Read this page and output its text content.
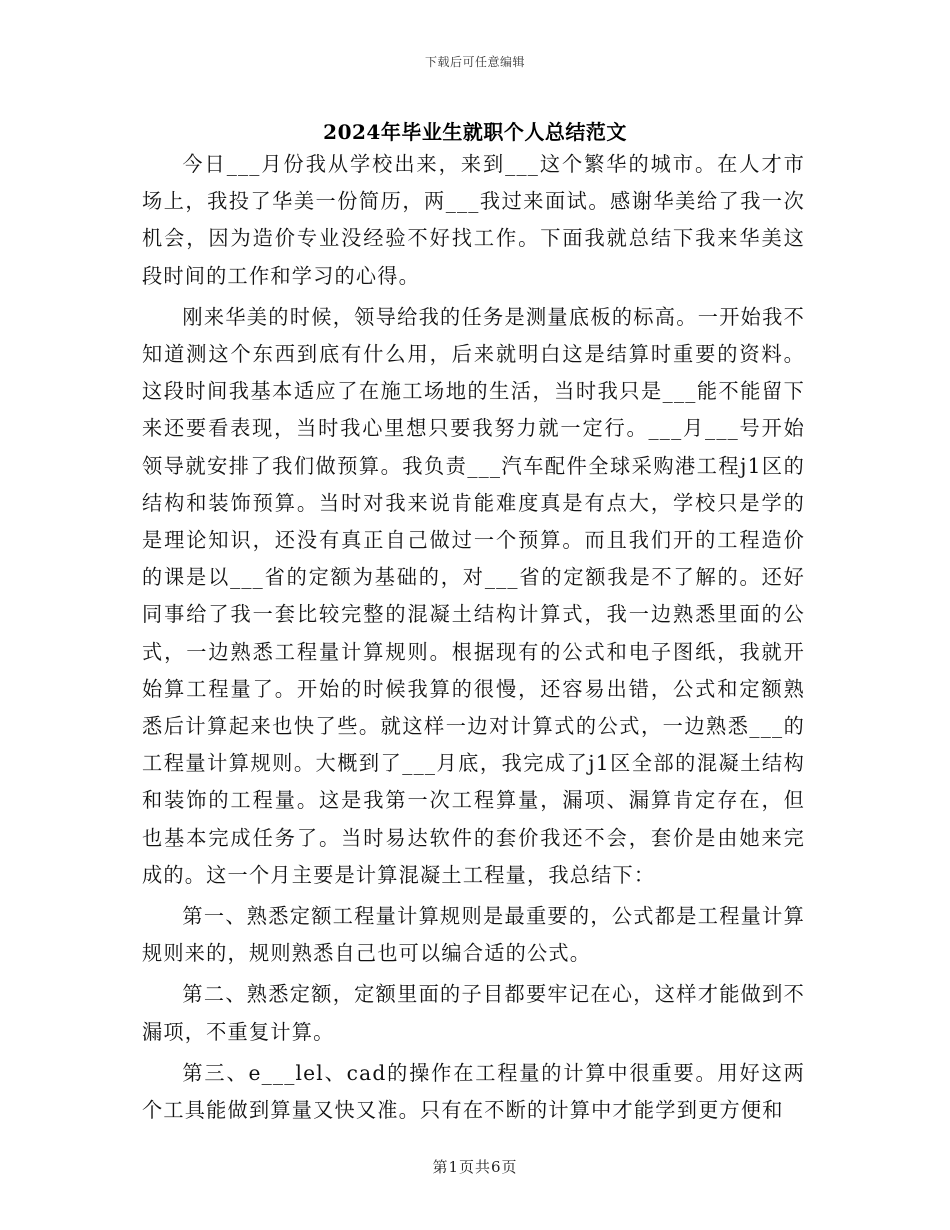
下载后可任意编辑
2024年毕业生就职个人总结范文

今日___月份我从学校出来，来到___这个繁华的城市。在人才市场上，我投了华美一份简历，两___我过来面试。感谢华美给了我一次机会，因为造价专业没经验不好找工作。下面我就总结下我来华美这段时间的工作和学习的心得。

刚来华美的时候，领导给我的任务是测量底板的标高。一开始我不知道测这个东西到底有什么用，后来就明白这是结算时重要的资料。这段时间我基本适应了在施工场地的生活，当时我只是___能不能留下来还要看表现，当时我心里想只要我努力就一定行。___月___号开始领导就安排了我们做预算。我负责___汽车配件全球采购港工程j1区的结构和装饰预算。当时对我来说肯能难度真是有点大，学校只是学的是理论知识，还没有真正自己做过一个预算。而且我们开的工程造价的课是以___省的定额为基础的，对___省的定额我是不了解的。还好同事给了我一套比较完整的混凝土结构计算式，我一边熟悉里面的公式，一边熟悉工程量计算规则。根据现有的公式和电子图纸，我就开始算工程量了。开始的时候我算的很慢，还容易出错，公式和定额熟悉后计算起来也快了些。就这样一边对计算式的公式，一边熟悉___的工程量计算规则。大概到了___月底，我完成了j1区全部的混凝土结构和装饰的工程量。这是我第一次工程算量，漏项、漏算肯定存在，但也基本完成任务了。当时易达软件的套价我还不会，套价是由她来完成的。这一个月主要是计算混凝土工程量，我总结下：

第一、熟悉定额工程量计算规则是最重要的，公式都是工程量计算规则来的，规则熟悉自己也可以编合适的公式。

第二、熟悉定额，定额里面的子目都要牢记在心，这样才能做到不漏项，不重复计算。

第三、e___lel、cad的操作在工程量的计算中很重要。用好这两个工具能做到算量又快又准。只有在不断的计算中才能学到更方便和

第1页共6页
